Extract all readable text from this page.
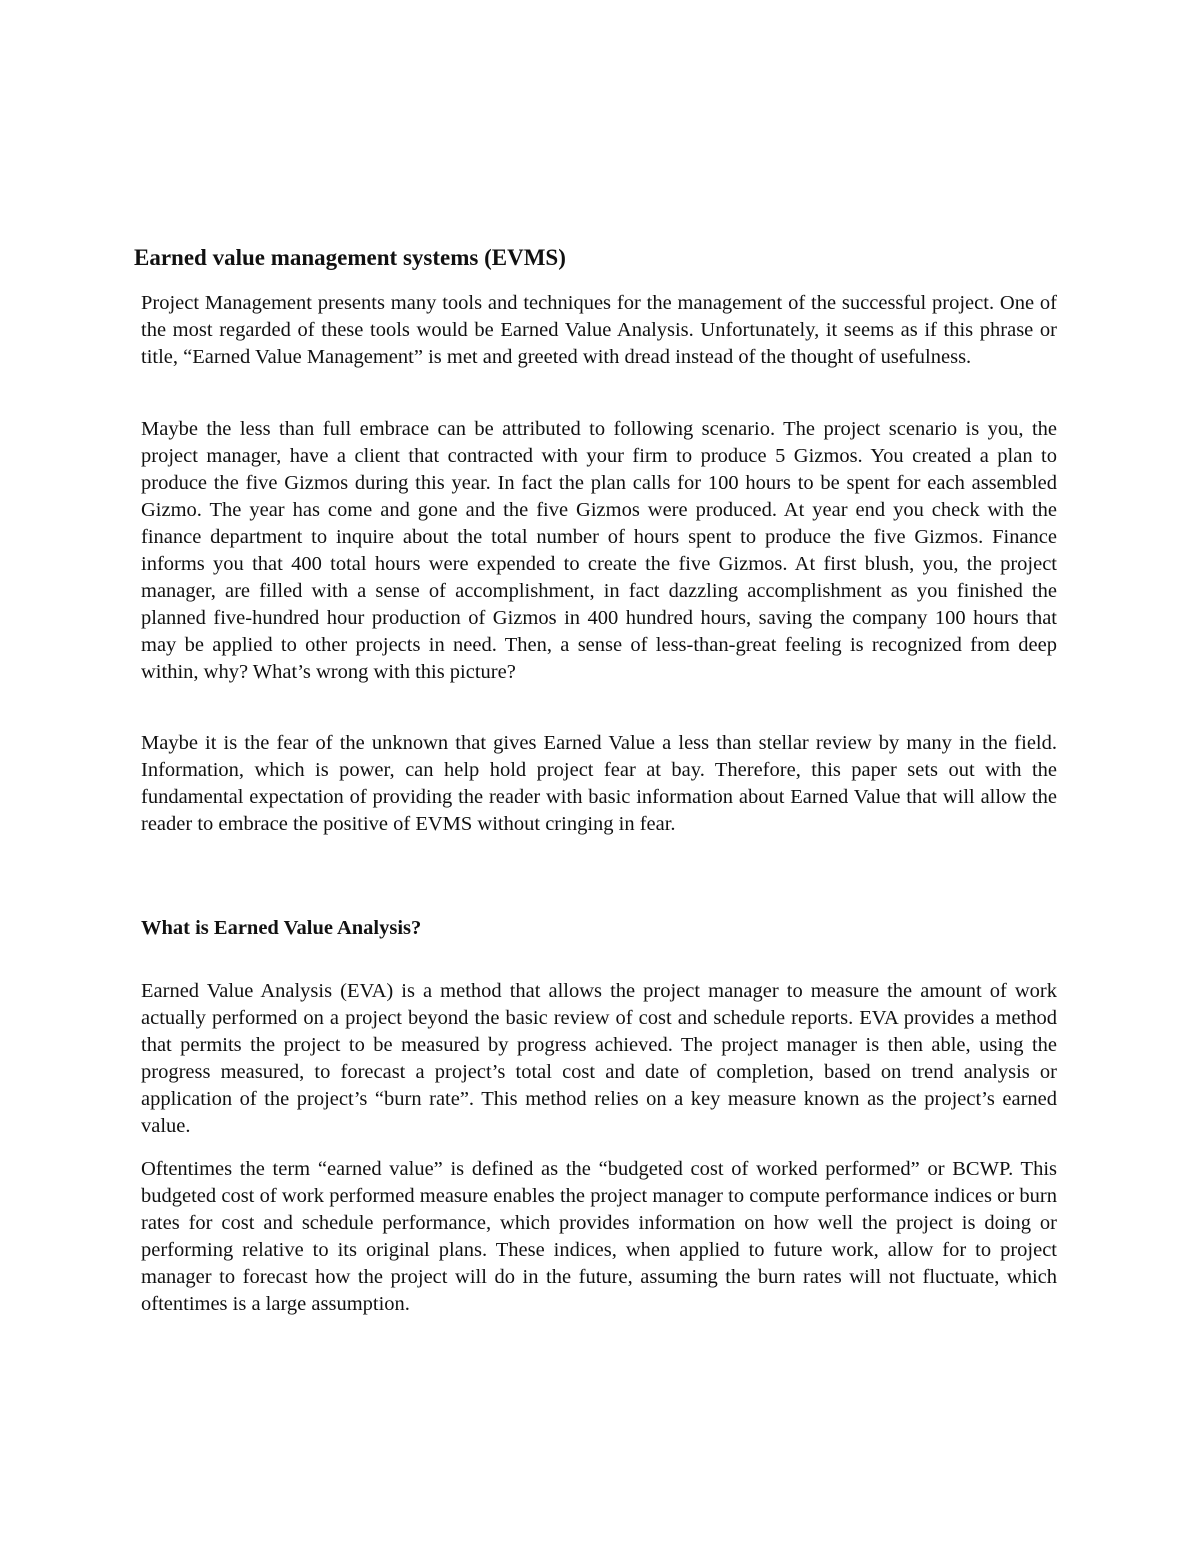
Earned value management systems (EVMS)

Project Management presents many tools and techniques for the management of the successful project. One of the most regarded of these tools would be Earned Value Analysis. Unfortunately, it seems as if this phrase or title, “Earned Value Management” is met and greeted with dread instead of the thought of usefulness.

Maybe the less than full embrace can be attributed to following scenario. The project scenario is you, the project manager, have a client that contracted with your firm to produce 5 Gizmos. You created a plan to produce the five Gizmos during this year. In fact the plan calls for 100 hours to be spent for each assembled Gizmo. The year has come and gone and the five Gizmos were produced. At year end you check with the finance department to inquire about the total number of hours spent to produce the five Gizmos. Finance informs you that 400 total hours were expended to create the five Gizmos. At first blush, you, the project manager, are filled with a sense of accomplishment, in fact dazzling accomplishment as you finished the planned five-hundred hour production of Gizmos in 400 hundred hours, saving the company 100 hours that may be applied to other projects in need. Then, a sense of less-than-great feeling is recognized from deep within, why? What’s wrong with this picture?

Maybe it is the fear of the unknown that gives Earned Value a less than stellar review by many in the field. Information, which is power, can help hold project fear at bay. Therefore, this paper sets out with the fundamental expectation of providing the reader with basic information about Earned Value that will allow the reader to embrace the positive of EVMS without cringing in fear.

What is Earned Value Analysis?

Earned Value Analysis (EVA) is a method that allows the project manager to measure the amount of work actually performed on a project beyond the basic review of cost and schedule reports. EVA provides a method that permits the project to be measured by progress achieved. The project manager is then able, using the progress measured, to forecast a project’s total cost and date of completion, based on trend analysis or application of the project’s “burn rate”. This method relies on a key measure known as the project’s earned value.

Oftentimes the term “earned value” is defined as the “budgeted cost of worked performed” or BCWP. This budgeted cost of work performed measure enables the project manager to compute performance indices or burn rates for cost and schedule performance, which provides information on how well the project is doing or performing relative to its original plans. These indices, when applied to future work, allow for to project manager to forecast how the project will do in the future, assuming the burn rates will not fluctuate, which oftentimes is a large assumption.
